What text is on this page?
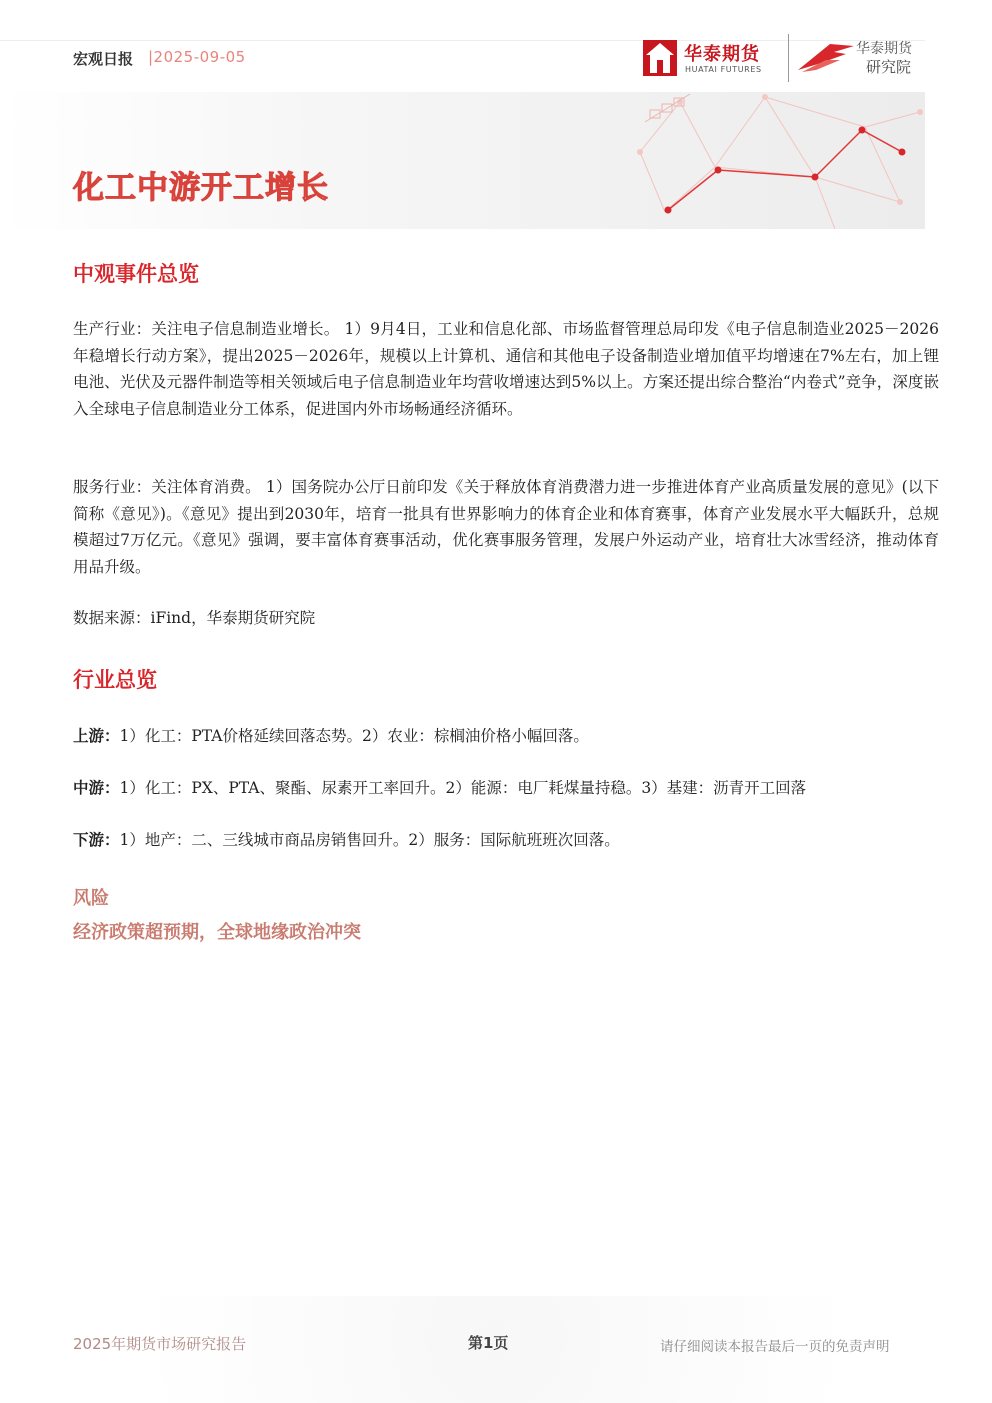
宏观日报 |2025-09-05	华泰期货
HUATAI FUTURES
华泰期货
研究院
化工中游开工增长
中观事件总览

生产行业：关注电子信息制造业增长。 1）9月4日，工业和信息化部、市场监督管理总局印发《电子信息制造业2025－2026年稳增长行动方案》，提出2025－2026年，规模以上计算机、通信和其他电子设备制造业增加值平均增速在7%左右，加上锂电池、光伏及元器件制造等相关领域后电子信息制造业年均营收增速达到5%以上。方案还提出综合整治“内卷式”竞争，深度嵌入全球电子信息制造业分工体系，促进国内外市场畅通经济循环。

服务行业：关注体育消费。 1）国务院办公厅日前印发《关于释放体育消费潜力进一步推进体育产业高质量发展的意见》(以下简称《意见》)。《意见》提出到2030年，培育一批具有世界影响力的体育企业和体育赛事，体育产业发展水平大幅跃升，总规模超过7万亿元。《意见》强调，要丰富体育赛事活动，优化赛事服务管理，发展户外运动产业，培育壮大冰雪经济，推动体育用品升级。

数据来源：iFind，华泰期货研究院
行业总览
上游：1）化工：PTA价格延续回落态势。2）农业：棕榈油价格小幅回落。
中游：1）化工：PX、PTA、聚酯、尿素开工率回升。2）能源：电厂耗煤量持稳。3）基建：沥青开工回落
下游：1）地产：二、三线城市商品房销售回升。2）服务：国际航班班次回落。
风险
经济政策超预期，全球地缘政治冲突
2025年期货市场研究报告	第1页	请仔细阅读本报告最后一页的免责声明
